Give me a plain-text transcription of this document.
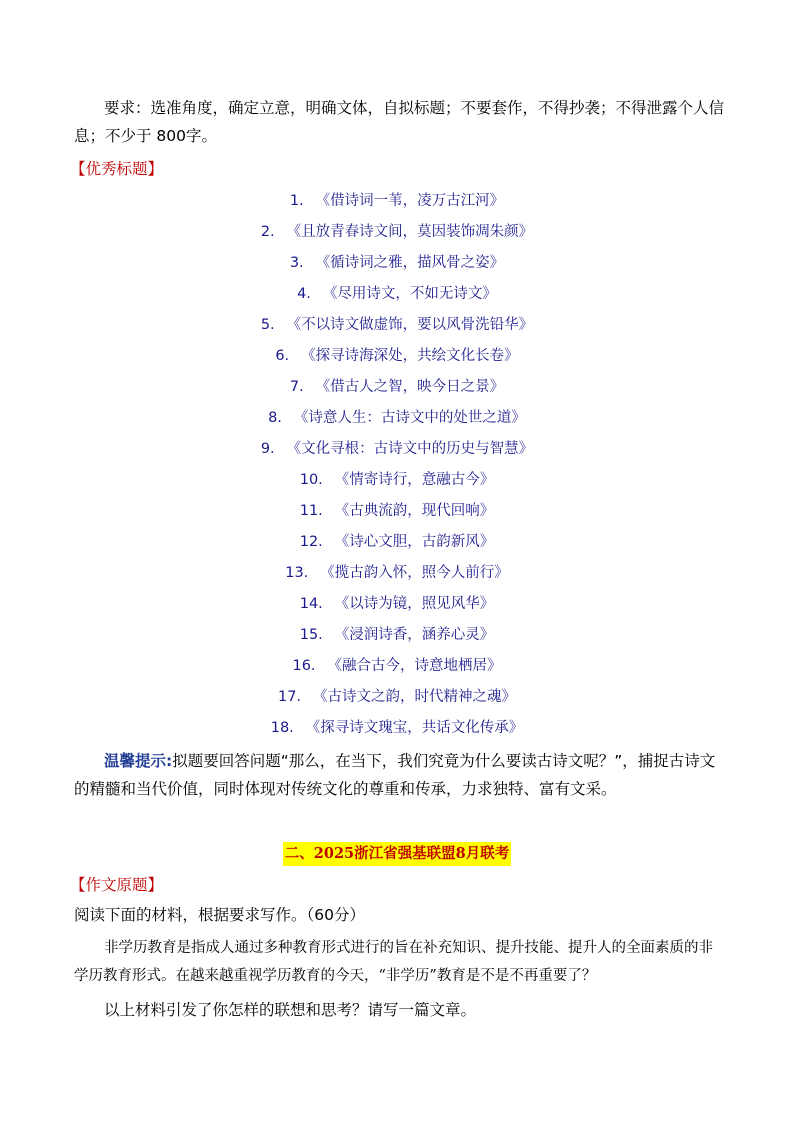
要求：选准角度，确定立意，明确文体，自拟标题；不要套作，不得抄袭；不得泄露个人信息；不少于 800字。

【优秀标题】

1. 《借诗词一苇，凌万古江河》
2. 《且放青春诗文间，莫因装饰凋朱颜》
3. 《循诗词之雅，描风骨之姿》
4. 《尽用诗文，不如无诗文》
5. 《不以诗文做虚饰，要以风骨洗铅华》
6. 《探寻诗海深处，共绘文化长卷》
7. 《借古人之智，映今日之景》
8. 《诗意人生：古诗文中的处世之道》
9. 《文化寻根：古诗文中的历史与智慧》
10. 《情寄诗行，意融古今》
11. 《古典流韵，现代回响》
12. 《诗心文胆，古韵新风》
13. 《揽古韵入怀，照今人前行》
14. 《以诗为镜，照见风华》
15. 《浸润诗香，涵养心灵》
16. 《融合古今，诗意地栖居》
17. 《古诗文之韵，时代精神之魂》
18. 《探寻诗文瑰宝，共话文化传承》

温馨提示:拟题要回答问题“那么，在当下，我们究竟为什么要读古诗文呢？”，捕捉古诗文的精髓和当代价值，同时体现对传统文化的尊重和传承，力求独特、富有文采。

二、2025浙江省强基联盟8月联考

【作文原题】

阅读下面的材料，根据要求写作。（60分）

非学历教育是指成人通过多种教育形式进行的旨在补充知识、提升技能、提升人的全面素质的非学历教育形式。在越来越重视学历教育的今天，“非学历”教育是不是不再重要了？

以上材料引发了你怎样的联想和思考？请写一篇文章。
